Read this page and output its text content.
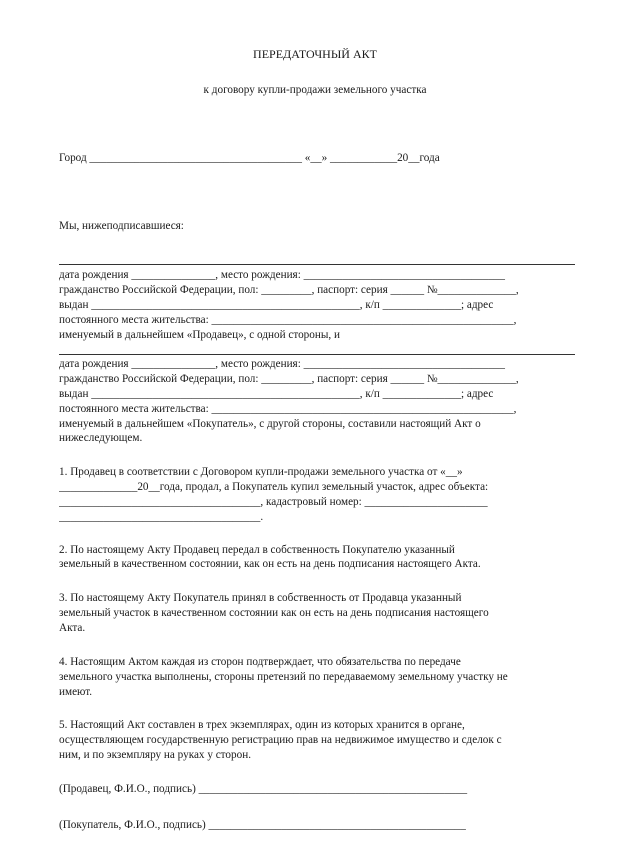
ПЕРЕДАТОЧНЫЙ АКТ

к договору купли-продажи земельного участка

Город ______________________________________ «__» ____________20__года

Мы, нижеподписавшиеся:

дата рождения _______________, место рождения: ____________________________________

гражданство Российской Федерации, пол: _________, паспорт: серия ______ №______________,

выдан ________________________________________________, к/п ______________; адрес

постоянного места жительства: ______________________________________________________,

именуемый в дальнейшем «Продавец», с одной стороны, и

дата рождения _______________, место рождения: ____________________________________

гражданство Российской Федерации, пол: _________, паспорт: серия ______ №______________,

выдан ________________________________________________, к/п ______________; адрес

постоянного места жительства: ______________________________________________________,

именуемый в дальнейшем «Покупатель», с другой стороны, составили настоящий Акт о

нижеследующем.

1. Продавец в соответствии с Договором купли-продажи земельного участка от «__»

______________20__года, продал, а Покупатель купил земельный участок, адрес объекта:

____________________________________, кадастровый номер: ______________________

____________________________________.

2. По настоящему Акту Продавец передал в собственность Покупателю указанный

земельный в качественном состоянии, как он есть на день подписания настоящего Акта.

3. По настоящему Акту Покупатель принял в собственность от Продавца указанный

земельный участок в качественном состоянии как он есть на день подписания настоящего

Акта.

4. Настоящим Актом каждая из сторон подтверждает, что обязательства по передаче

земельного участка выполнены, стороны претензий по передаваемому земельному участку не

имеют.

5. Настоящий Акт составлен в трех экземплярах, один из которых хранится в органе,

осуществляющем государственную регистрацию прав на недвижимое имущество и сделок с

ним, и по экземпляру на руках у сторон.

(Продавец, Ф.И.О., подпись) ________________________________________________

(Покупатель, Ф.И.О., подпись) ______________________________________________
